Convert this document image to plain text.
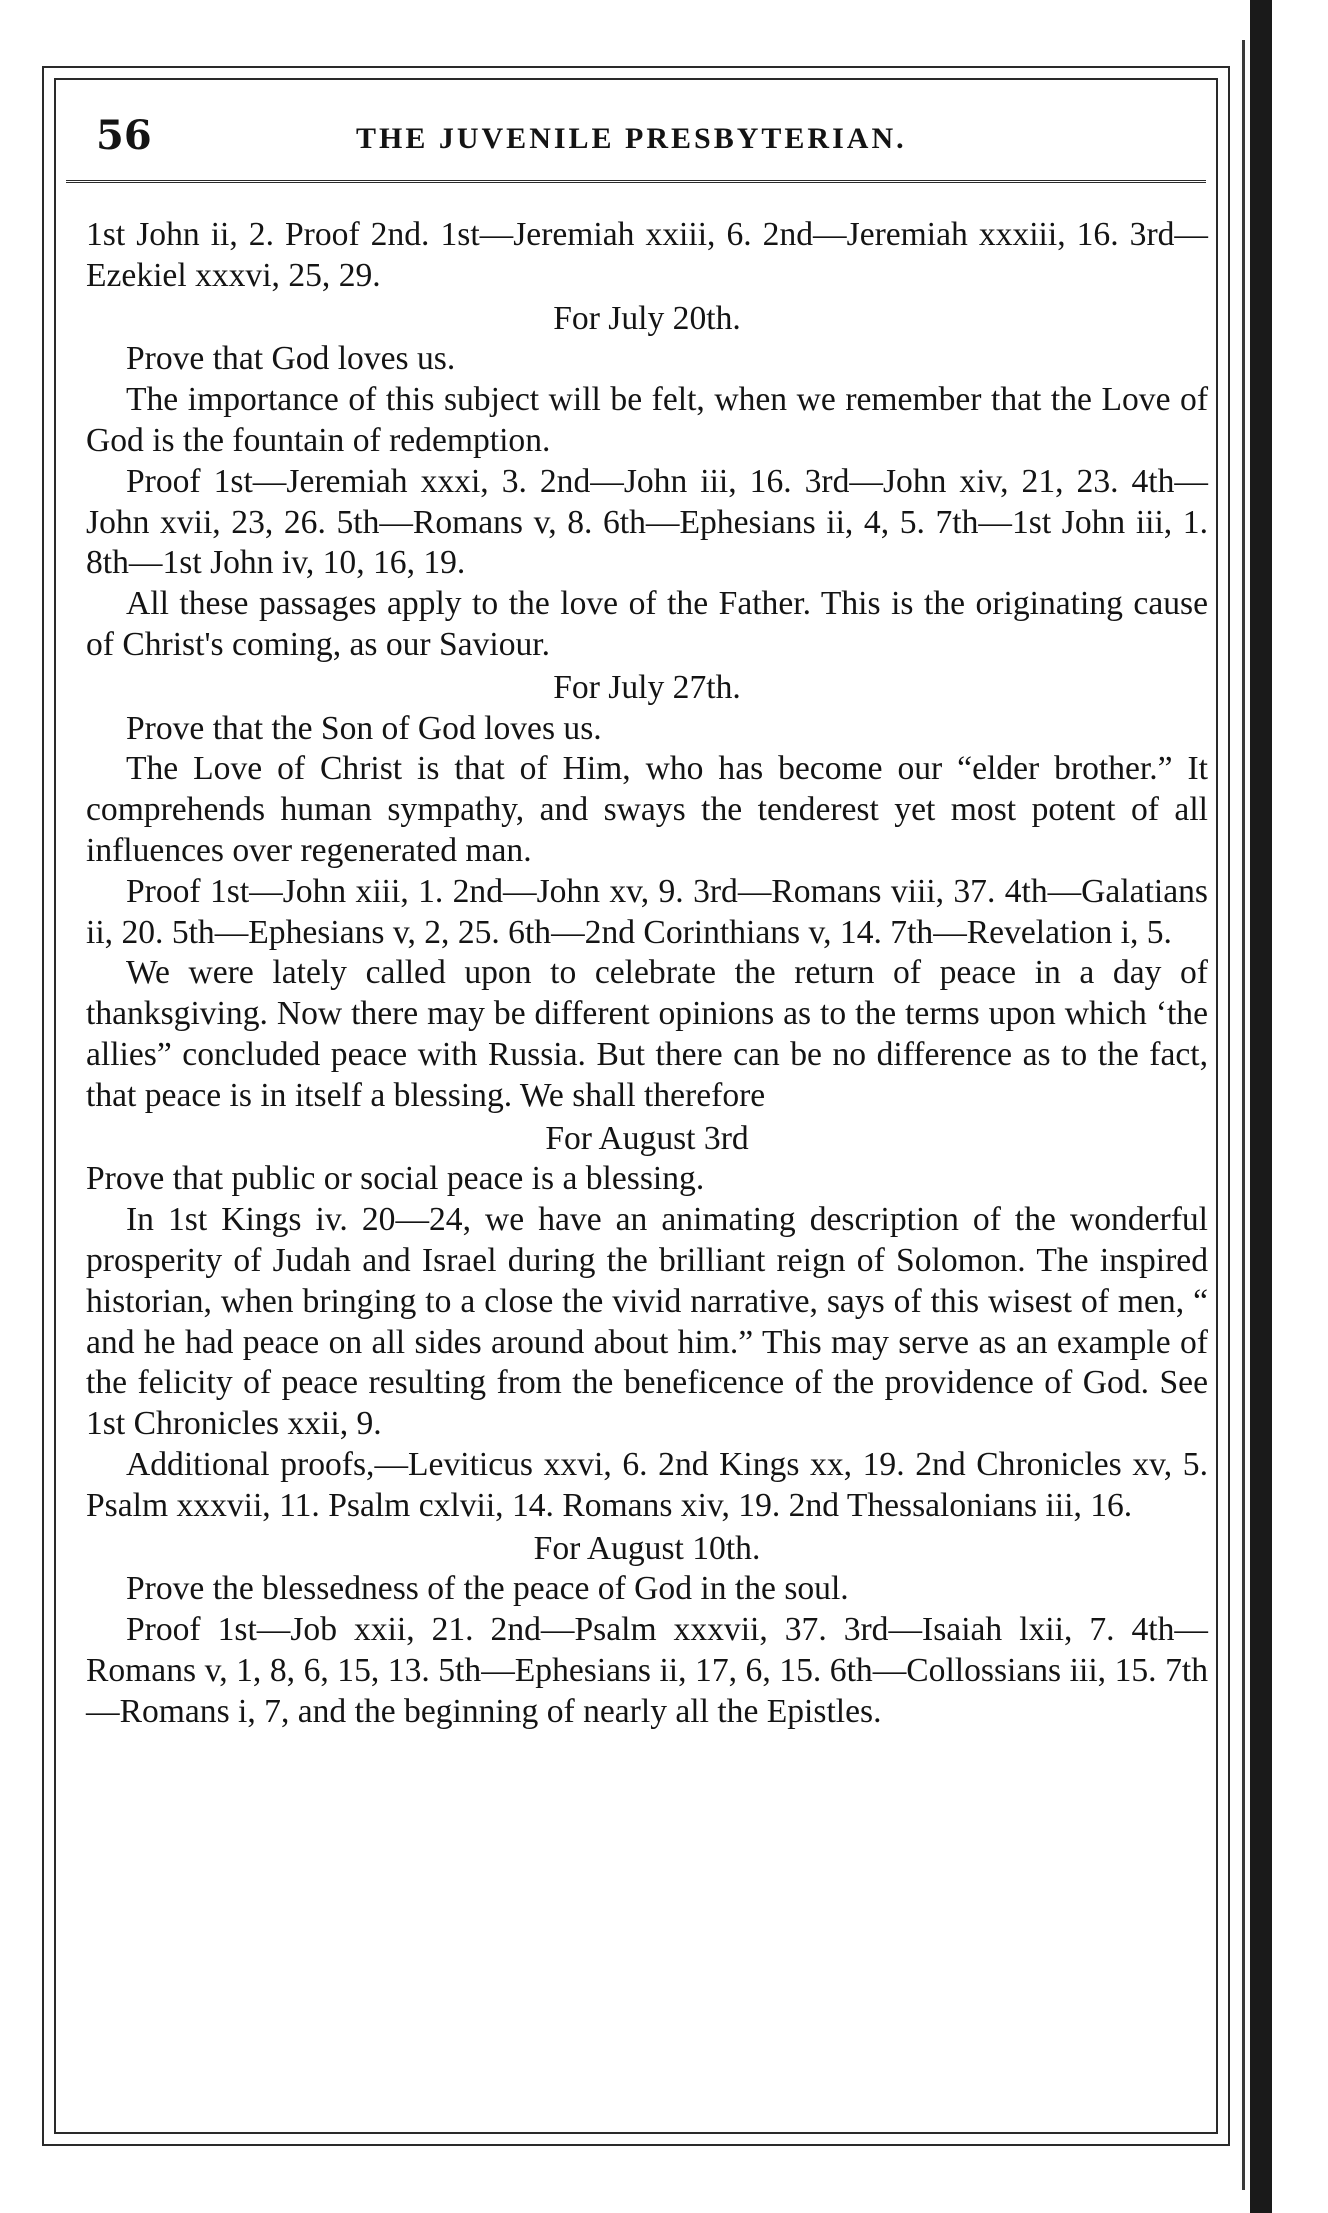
56	THE JUVENILE PRESBYTERIAN.

1st John ii, 2. Proof 2nd. 1st—Jeremiah xxiii, 6. 2nd—Jeremiah xxxiii, 16. 3rd—Ezekiel xxxvi, 25, 29.

For July 20th.

Prove that God loves us.

The importance of this subject will be felt, when we remember that the Love of God is the fountain of redemption.

Proof 1st—Jeremiah xxxi, 3. 2nd—John iii, 16. 3rd—John xiv, 21, 23. 4th—John xvii, 23, 26. 5th—Romans v, 8. 6th—Ephesians ii, 4, 5. 7th—1st John iii, 1. 8th—1st John iv, 10, 16, 19.

All these passages apply to the love of the Father. This is the originating cause of Christ's coming, as our Saviour.

For July 27th.

Prove that the Son of God loves us.

The Love of Christ is that of Him, who has become our “elder brother.” It comprehends human sympathy, and sways the tenderest yet most potent of all influences over regenerated man.

Proof 1st—John xiii, 1. 2nd—John xv, 9. 3rd—Romans viii, 37. 4th—Galatians ii, 20. 5th—Ephesians v, 2, 25. 6th—2nd Corinthians v, 14. 7th—Revelation i, 5.

We were lately called upon to celebrate the return of peace in a day of thanksgiving. Now there may be different opinions as to the terms upon which ‘the allies” concluded peace with Russia. But there can be no difference as to the fact, that peace is in itself a blessing. We shall therefore

For August 3rd

Prove that public or social peace is a blessing.

In 1st Kings iv. 20—24, we have an animating description of the wonderful prosperity of Judah and Israel during the brilliant reign of Solomon. The inspired historian, when bringing to a close the vivid narrative, says of this wisest of men, “ and he had peace on all sides around about him.” This may serve as an example of the felicity of peace resulting from the beneficence of the providence of God. See 1st Chronicles xxii, 9.

Additional proofs,—Leviticus xxvi, 6. 2nd Kings xx, 19. 2nd Chronicles xv, 5. Psalm xxxvii, 11. Psalm cxlvii, 14. Romans xiv, 19. 2nd Thessalonians iii, 16.

For August 10th.

Prove the blessedness of the peace of God in the soul.

Proof 1st—Job xxii, 21. 2nd—Psalm xxxvii, 37. 3rd—Isaiah lxii, 7. 4th—Romans v, 1, 8, 6, 15, 13. 5th—Ephesians ii, 17, 6, 15. 6th—Collossians iii, 15. 7th—Romans i, 7, and the beginning of nearly all the Epistles.
